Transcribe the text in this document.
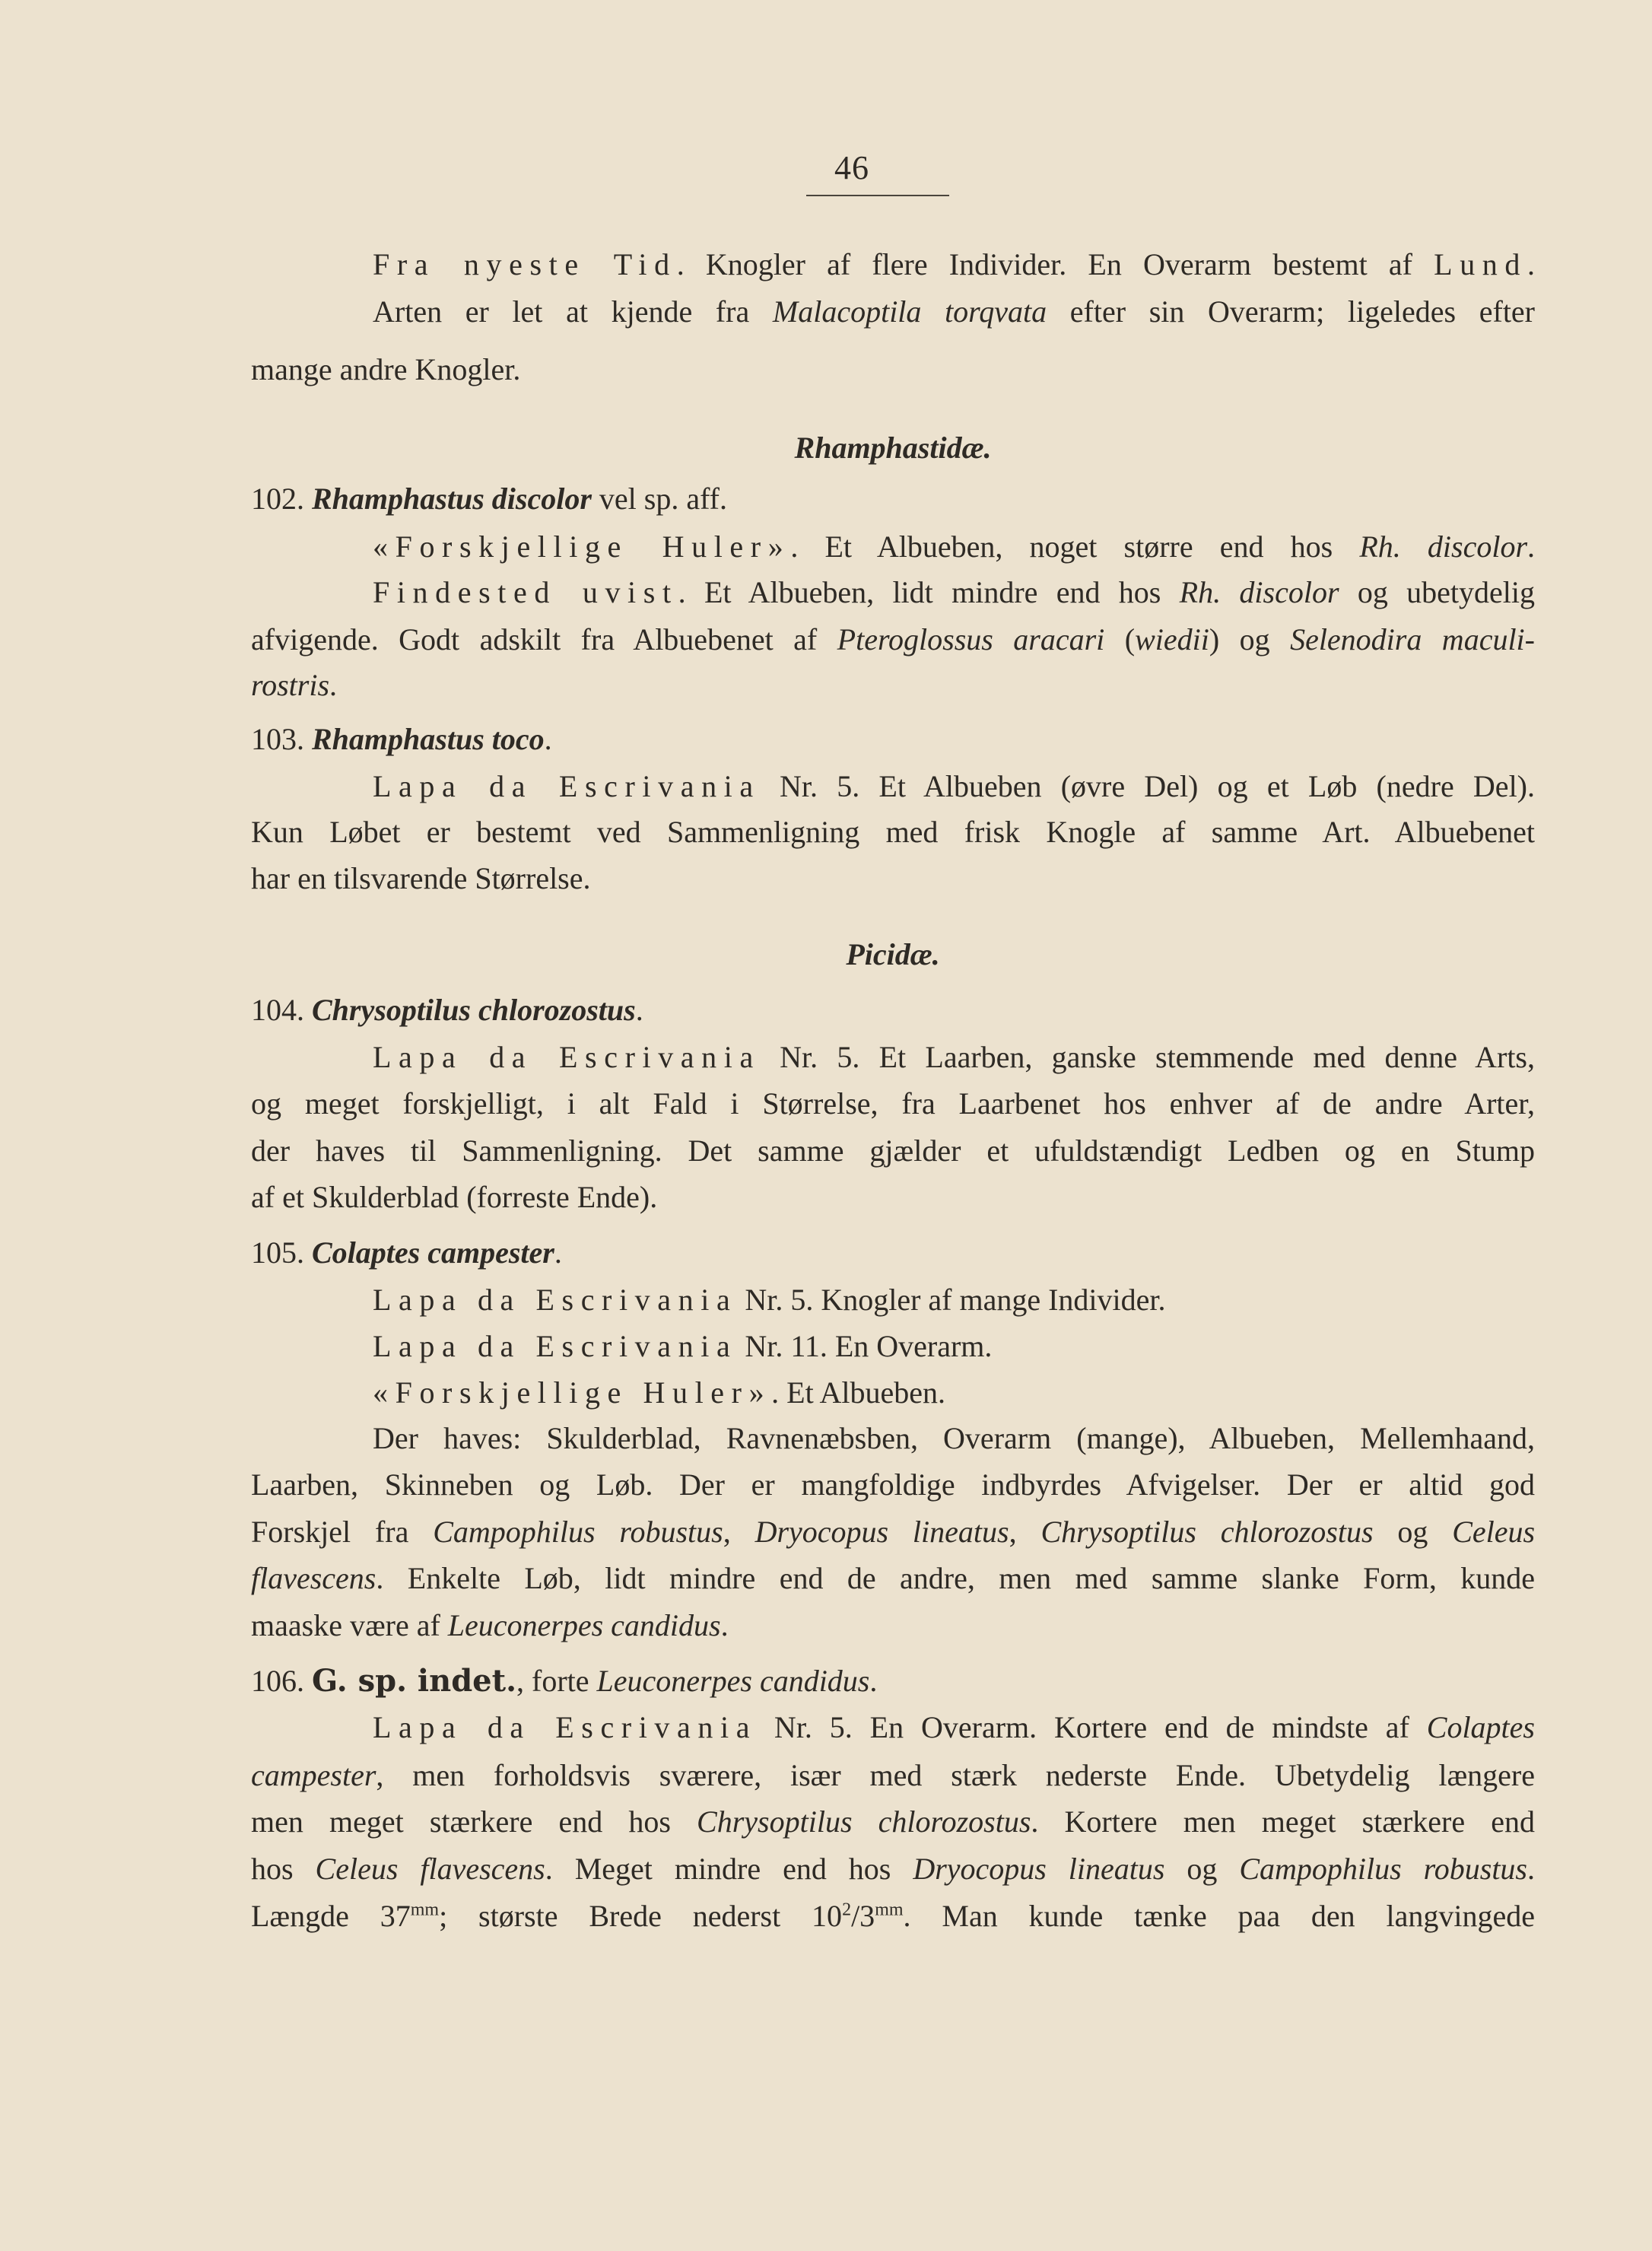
46
Fra nyeste Tid. Knogler af flere Individer. En Overarm bestemt af Lund.
Arten er let at kjende fra Malacoptila torqvata efter sin Overarm; ligeledes efter
mange andre Knogler.
Rhamphastidæ.
102. Rhamphastus discolor vel sp. aff.
«Forskjellige Huler». Et Albueben, noget større end hos Rh. discolor.
Findested uvist. Et Albueben, lidt mindre end hos Rh. discolor og ubetydelig
afvigende. Godt adskilt fra Albuebenet af Pteroglossus aracari (wiedii) og Selenodira maculi-
rostris.
103. Rhamphastus toco.
Lapa da Escrivania Nr. 5. Et Albueben (øvre Del) og et Løb (nedre Del).
Kun Løbet er bestemt ved Sammenligning med frisk Knogle af samme Art. Albuebenet
har en tilsvarende Størrelse.
Picidæ.
104. Chrysoptilus chlorozostus.
Lapa da Escrivania Nr. 5. Et Laarben, ganske stemmende med denne Arts,
og meget forskjelligt, i alt Fald i Størrelse, fra Laarbenet hos enhver af de andre Arter,
der haves til Sammenligning. Det samme gjælder et ufuldstændigt Ledben og en Stump
af et Skulderblad (forreste Ende).
105. Colaptes campester.
Lapa da Escrivania Nr. 5. Knogler af mange Individer.
Lapa da Escrivania Nr. 11. En Overarm.
«Forskjellige Huler». Et Albueben.
Der haves: Skulderblad, Ravnenæbsben, Overarm (mange), Albueben, Mellemhaand,
Laarben, Skinneben og Løb. Der er mangfoldige indbyrdes Afvigelser. Der er altid god
Forskjel fra Campophilus robustus, Dryocopus lineatus, Chrysoptilus chlorozostus og Celeus
flavescens. Enkelte Løb, lidt mindre end de andre, men med samme slanke Form, kunde
maaske være af Leuconerpes candidus.
106. G. sp. indet., forte Leuconerpes candidus.
Lapa da Escrivania Nr. 5. En Overarm. Kortere end de mindste af Colaptes
campester, men forholdsvis sværere, især med stærk nederste Ende. Ubetydelig længere
men meget stærkere end hos Chrysoptilus chlorozostus. Kortere men meget stærkere end
hos Celeus flavescens. Meget mindre end hos Dryocopus lineatus og Campophilus robustus.
Længde $37^{mm}$; største Brede nederst $10^2/3^{mm}$. Man kunde tænke paa den langvingede
